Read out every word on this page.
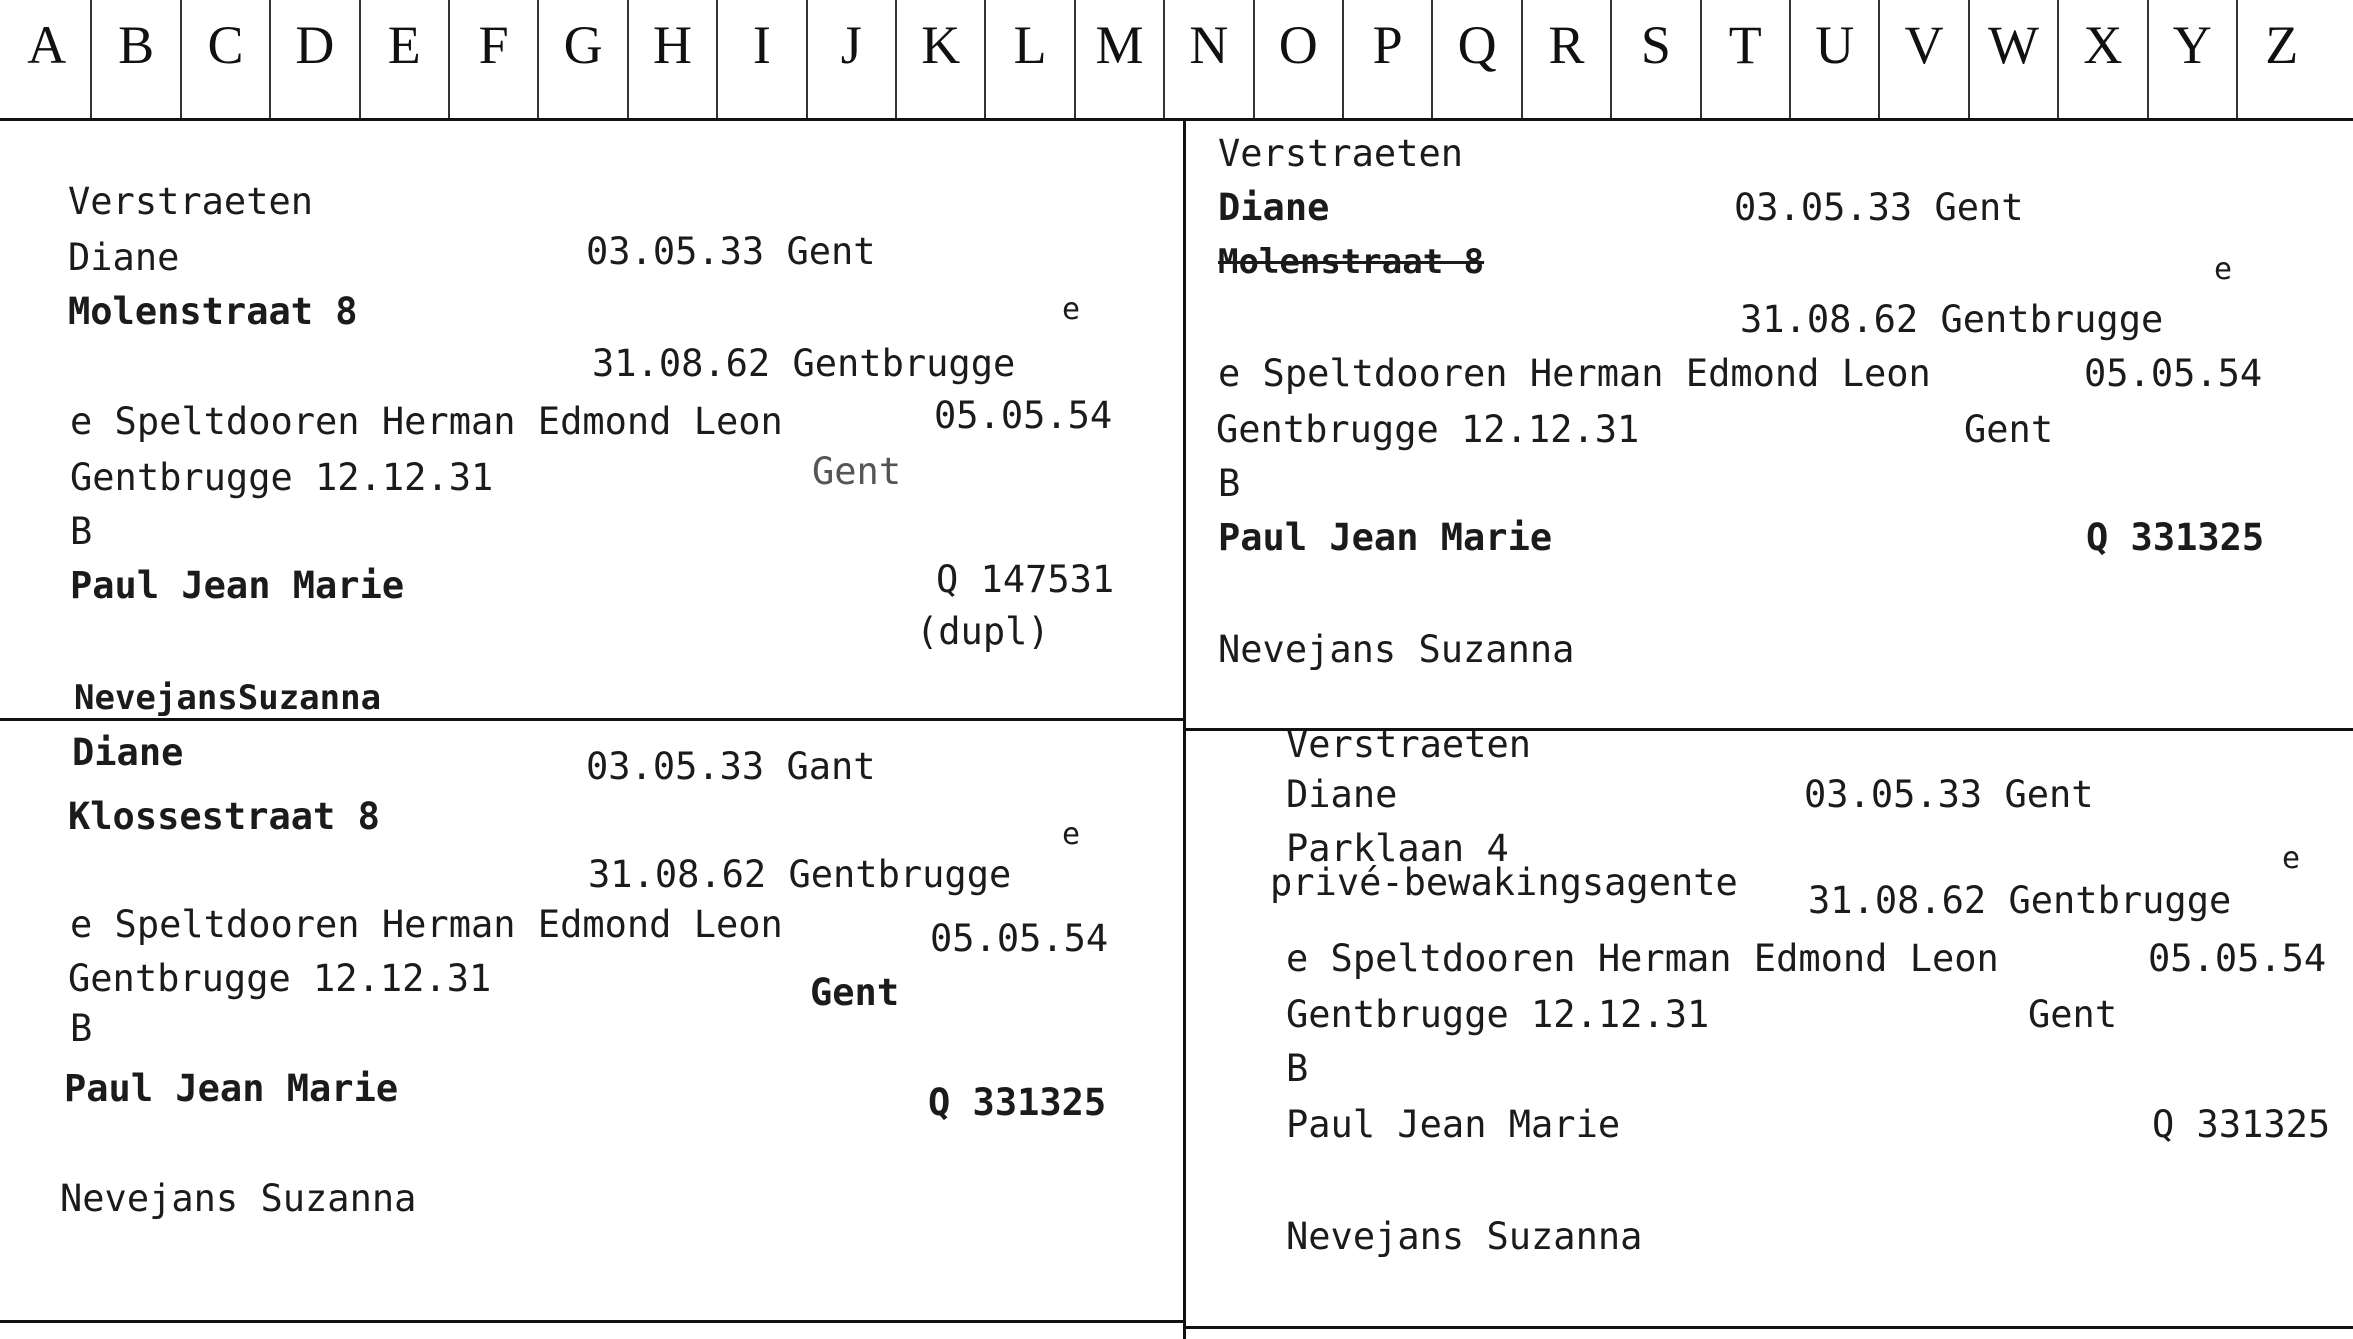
A B C D E	F	G H	I	J	K L M N O	P	Q R	S	T U V W X Y Z
Verstraeten
Diane	03.05.33 Gent
Molenstraat 8	e
31.08.62 Gentbrugge
e Speltdooren Herman Edmond Leon	05.05.54
Gentbrugge 12.12.31	Gent
B
Paul Jean Marie	Q 147531
(dupl)
NevejansSuzanna
Verstraeten
Diane	03.05.33 Gent
Molenstraat 8	e
31.08.62 Gentbrugge
e Speltdooren Herman Edmond Leon	05.05.54
Gentbrugge 12.12.31	Gent
B
Paul Jean Marie	Q 331325
Nevejans Suzanna
Diane	03.05.33 Gant
Klossestraat 8	e
31.08.62 Gentbrugge
e Speltdooren Herman Edmond Leon	05.05.54
Gentbrugge 12.12.31	Gent
B
Paul Jean Marie	Q 331325
Nevejans Suzanna
Verstraeten
Diane	03.05.33 Gent
Parklaan 4	e
privé-bewakingsagente 31.08.62 Gentbrugge
e Speltdooren Herman Edmond Leon	05.05.54
Gentbrugge 12.12.31	Gent
B
Paul Jean Marie	Q 331325
Nevejans Suzanna
